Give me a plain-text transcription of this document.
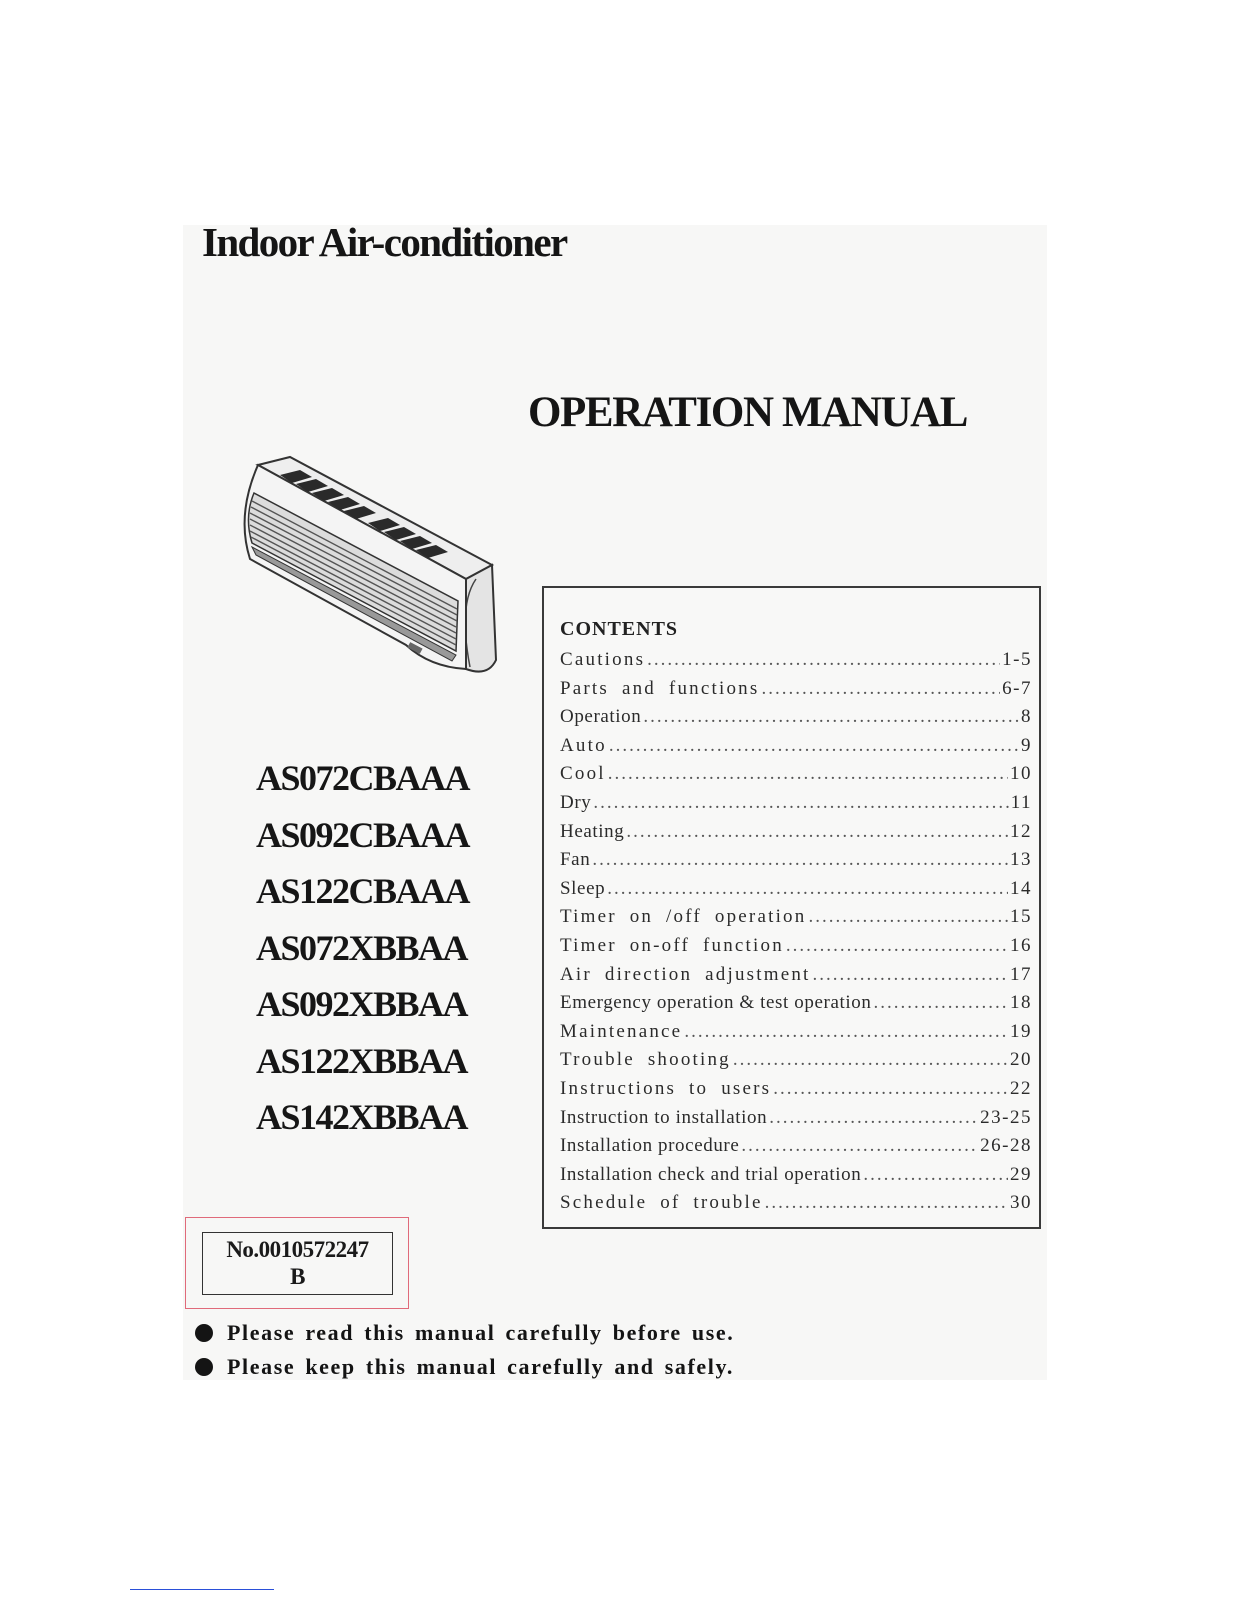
Indoor Air-conditioner
OPERATION MANUAL
AS072CBAAA
AS092CBAAA
AS122CBAAA
AS072XBBAA
AS092XBBAA
AS122XBBAA
AS142XBBAA
CONTENTS
Cautions .....	1-5
Parts and functions .....	6-7
Operation .....	8
Auto .....	9
Cool .....	10
Dry .....	11
Heating .....	12
Fan .....	13
Sleep .....	14
Timer on /off operation .....	15
Timer on-off function .....	16
Air direction adjustment .....	17
Emergency operation & test operation .....	18
Maintenance .....	19
Trouble shooting .....	20
Instructions to users .....	22
Instruction to installation .....	23-25
Installation procedure .....	26-28
Installation check and trial operation .....	29
Schedule of trouble .....	30
No.0010572247
B
Please read this manual carefully before use.
Please keep this manual carefully and safely.
